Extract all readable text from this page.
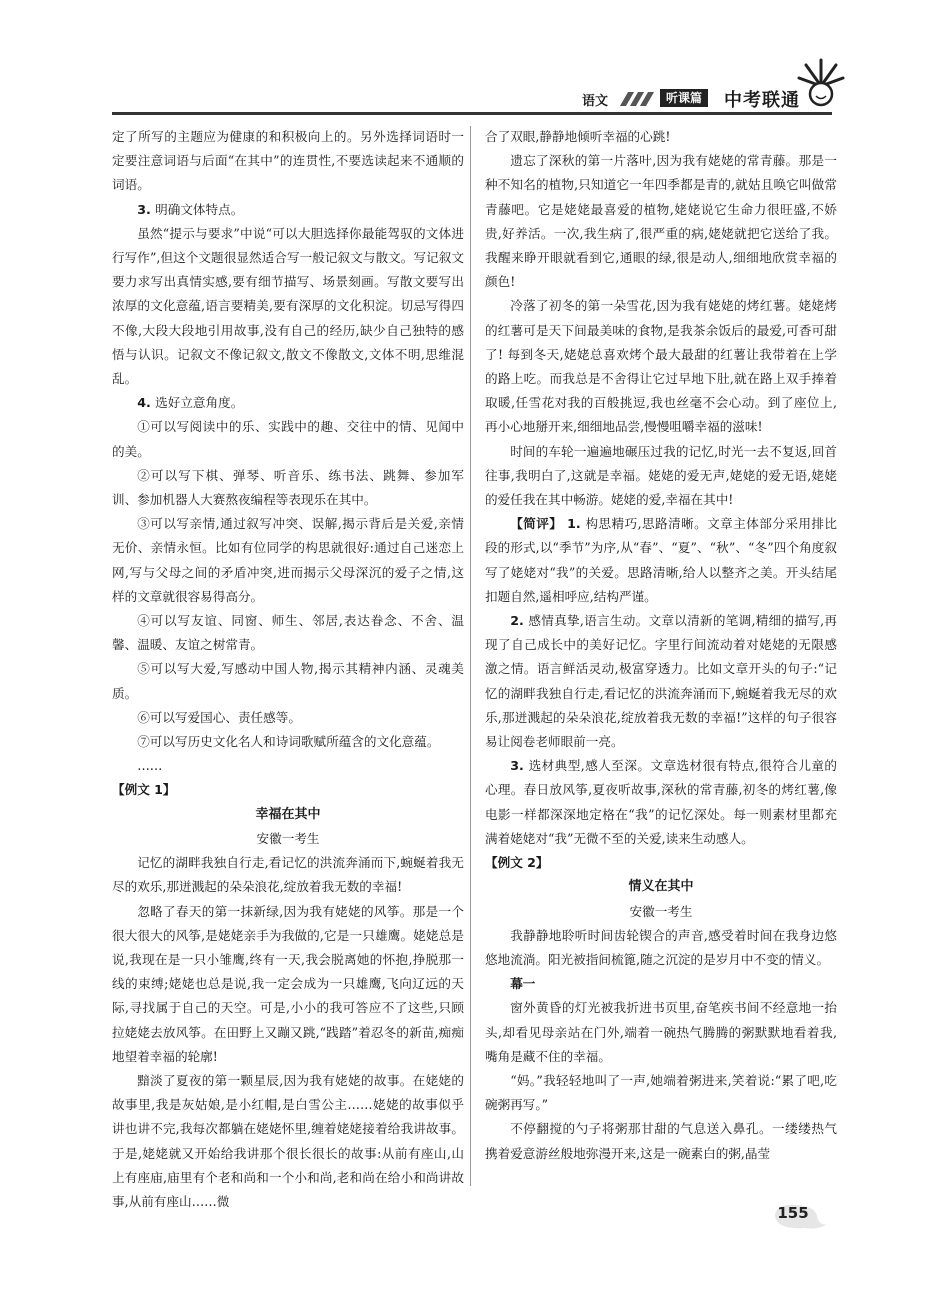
语文	听课篇	中考联通

定了所写的主题应为健康的和积极向上的。另外选择词语时一定要注意词语与后面“在其中”的连贯性,不要选读起来不通顺的词语。

3. 明确文体特点。

虽然“提示与要求”中说“可以大胆选择你最能驾驭的文体进行写作”,但这个文题很显然适合写一般记叙文与散文。写记叙文要力求写出真情实感,要有细节描写、场景刻画。写散文要写出浓厚的文化意蕴,语言要精美,要有深厚的文化积淀。切忌写得四不像,大段大段地引用故事,没有自己的经历,缺少自己独特的感悟与认识。记叙文不像记叙文,散文不像散文,文体不明,思维混乱。

4. 选好立意角度。

①可以写阅读中的乐、实践中的趣、交往中的情、见闻中的美。

②可以写下棋、弹琴、听音乐、练书法、跳舞、参加军训、参加机器人大赛熬夜编程等表现乐在其中。

③可以写亲情,通过叙写冲突、误解,揭示背后是关爱,亲情无价、亲情永恒。比如有位同学的构思就很好:通过自己迷恋上网,写与父母之间的矛盾冲突,进而揭示父母深沉的爱子之情,这样的文章就很容易得高分。

④可以写友谊、同窗、师生、邻居,表达眷念、不舍、温馨、温暖、友谊之树常青。

⑤可以写大爱,写感动中国人物,揭示其精神内涵、灵魂美质。

⑥可以写爱国心、责任感等。

⑦可以写历史文化名人和诗词歌赋所蕴含的文化意蕴。

……

【例文 1】

幸福在其中

安徽一考生

记忆的湖畔我独自行走,看记忆的洪流奔涌而下,蜿蜒着我无尽的欢乐,那迸溅起的朵朵浪花,绽放着我无数的幸福!

忽略了春天的第一抹新绿,因为我有姥姥的风筝。那是一个很大很大的风筝,是姥姥亲手为我做的,它是一只雄鹰。姥姥总是说,我现在是一只小雏鹰,终有一天,我会脱离她的怀抱,挣脱那一线的束缚;姥姥也总是说,我一定会成为一只雄鹰,飞向辽远的天际,寻找属于自己的天空。可是,小小的我可答应不了这些,只顾拉姥姥去放风筝。在田野上又蹦又跳,“践踏”着忍冬的新苗,痴痴地望着幸福的轮廓!

黯淡了夏夜的第一颗星辰,因为我有姥姥的故事。在姥姥的故事里,我是灰姑娘,是小红帽,是白雪公主……姥姥的故事似乎讲也讲不完,我每次都躺在姥姥怀里,缠着姥姥接着给我讲故事。于是,姥姥就又开始给我讲那个很长很长的故事:从前有座山,山上有座庙,庙里有个老和尚和一个小和尚,老和尚在给小和尚讲故事,从前有座山……微

合了双眼,静静地倾听幸福的心跳!

遗忘了深秋的第一片落叶,因为我有姥姥的常青藤。那是一种不知名的植物,只知道它一年四季都是青的,就姑且唤它叫做常青藤吧。它是姥姥最喜爱的植物,姥姥说它生命力很旺盛,不娇贵,好养活。一次,我生病了,很严重的病,姥姥就把它送给了我。我醒来睁开眼就看到它,通眼的绿,很是动人,细细地欣赏幸福的颜色!

冷落了初冬的第一朵雪花,因为我有姥姥的烤红薯。姥姥烤的红薯可是天下间最美味的食物,是我茶余饭后的最爱,可香可甜了! 每到冬天,姥姥总喜欢烤个最大最甜的红薯让我带着在上学的路上吃。而我总是不舍得让它过早地下肚,就在路上双手捧着取暖,任雪花对我的百般挑逗,我也丝毫不会心动。到了座位上,再小心地掰开来,细细地品尝,慢慢咀嚼幸福的滋味!

时间的车轮一遍遍地碾压过我的记忆,时光一去不复返,回首往事,我明白了,这就是幸福。姥姥的爱无声,姥姥的爱无语,姥姥的爱任我在其中畅游。姥姥的爱,幸福在其中!

【简评】 1. 构思精巧,思路清晰。文章主体部分采用排比段的形式,以“季节”为序,从“春”、“夏”、“秋”、“冬”四个角度叙写了姥姥对“我”的关爱。思路清晰,给人以整齐之美。开头结尾扣题自然,遥相呼应,结构严谨。

2. 感情真挚,语言生动。文章以清新的笔调,精细的描写,再现了自己成长中的美好记忆。字里行间流动着对姥姥的无限感激之情。语言鲜活灵动,极富穿透力。比如文章开头的句子:“记忆的湖畔我独自行走,看记忆的洪流奔涌而下,蜿蜒着我无尽的欢乐,那迸溅起的朵朵浪花,绽放着我无数的幸福!”这样的句子很容易让阅卷老师眼前一亮。

3. 选材典型,感人至深。文章选材很有特点,很符合儿童的心理。春日放风筝,夏夜听故事,深秋的常青藤,初冬的烤红薯,像电影一样都深深地定格在“我”的记忆深处。每一则素材里都充满着姥姥对“我”无微不至的关爱,读来生动感人。

【例文 2】

情义在其中

安徽一考生

我静静地聆听时间齿轮锲合的声音,感受着时间在我身边悠悠地流淌。阳光被指间梳篦,随之沉淀的是岁月中不变的情义。

幕一

窗外黄昏的灯光被我折进书页里,奋笔疾书间不经意地一抬头,却看见母亲站在门外,端着一碗热气腾腾的粥默默地看着我,嘴角是藏不住的幸福。

“妈。”我轻轻地叫了一声,她端着粥进来,笑着说:“累了吧,吃碗粥再写。”

不停翻搅的勺子将粥那甘甜的气息送入鼻孔。一缕缕热气携着爱意游丝般地弥漫开来,这是一碗素白的粥,晶莹

155
